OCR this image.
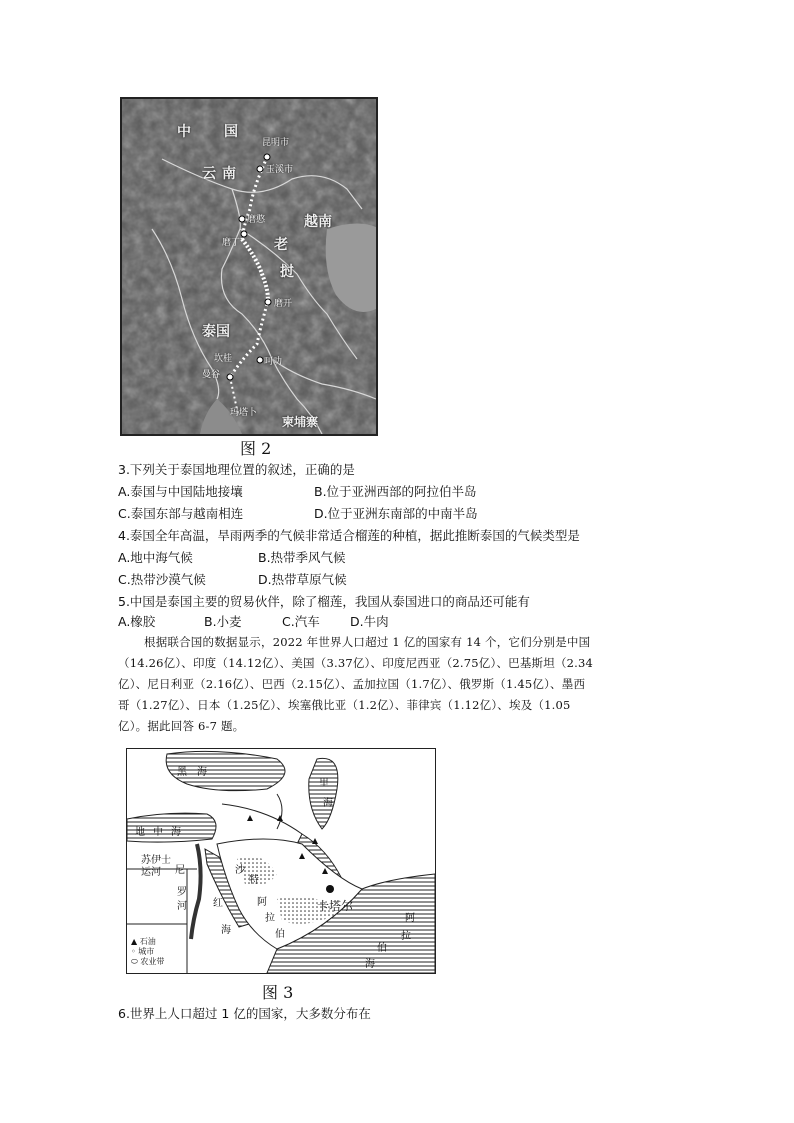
中 国
云 南
越南
老
挝
泰国
柬埔寨
昆明市
玉溪市
磨憨
磨丁
磨开
坎桂	呵叻
曼谷
玛塔卜
图 2
3.下列关于泰国地理位置的叙述，正确的是
A.泰国与中国陆地接壤	B.位于亚洲西部的阿拉伯半岛
C.泰国东部与越南相连	D.位于亚洲东南部的中南半岛
4.泰国全年高温，旱雨两季的气候非常适合榴莲的种植，据此推断泰国的气候类型是
A.地中海气候	B.热带季风气候
C.热带沙漠气候	D.热带草原气候
5.中国是泰国主要的贸易伙伴，除了榴莲，我国从泰国进口的商品还可能有
A.橡胶	B.小麦	C.汽车 D.牛肉
根据联合国的数据显示，2022 年世界人口超过 1 亿的国家有 14 个，它们分别是中国
（14.26亿）、印度（14.12亿）、美国（3.37亿）、印度尼西亚（2.75亿）、巴基斯坦（2.34
亿）、尼日利亚（2.16亿）、巴西（2.15亿）、孟加拉国（1.7亿）、俄罗斯（1.45亿）、墨西
哥（1.27亿）、日本（1.25亿）、埃塞俄比亚（1.2亿）、菲律宾（1.12亿）、埃及（1.05
亿）。据此回答 6-7 题。
黑 海
里
海
地 中 海
苏伊士
运河 尼
罗
河	红
海
沙
特
阿
拉
伯
卡塔尔
阿
拉
伯
海
▲ 石油
◦ 城市
⬭ 农业带
图 3
6.世界上人口超过 1 亿的国家，大多数分布在
